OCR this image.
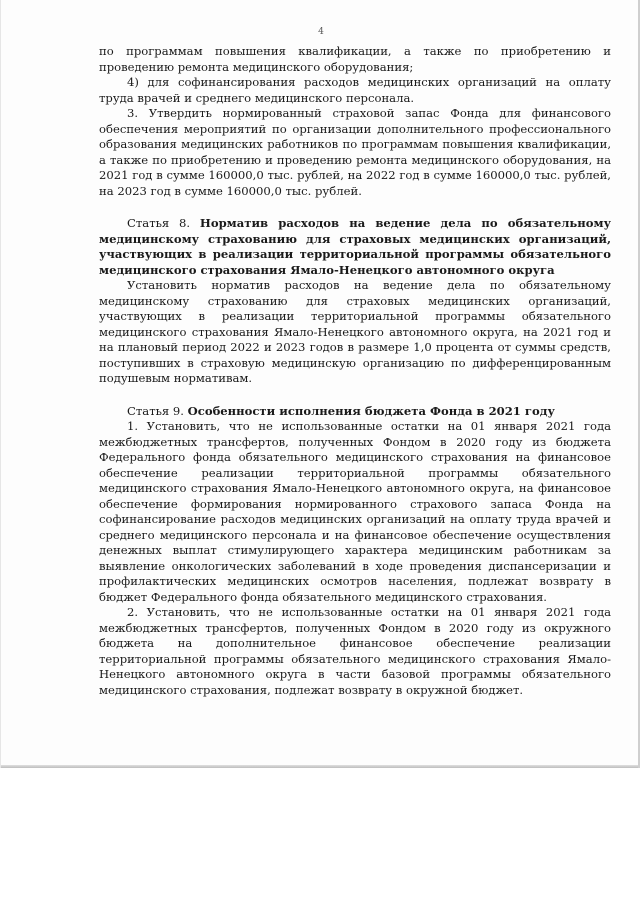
4

по программам повышения квалификации, а также по приобретению и проведению ремонта медицинского оборудования;

4) для софинансирования расходов медицинских организаций на оплату труда врачей и среднего медицинского персонала.

3. Утвердить нормированный страховой запас Фонда для финансового обеспечения мероприятий по организации дополнительного профессионального образования медицинских работников по программам повышения квалификации, а также по приобретению и проведению ремонта медицинского оборудования, на 2021 год в сумме 160000,0 тыс. рублей, на 2022 год в сумме 160000,0 тыс. рублей, на 2023 год в сумме 160000,0 тыс. рублей.

Статья 8. Норматив расходов на ведение дела по обязательному медицинскому страхованию для страховых медицинских организаций, участвующих в реализации территориальной программы обязательного медицинского страхования Ямало-Ненецкого автономного округа

Установить норматив расходов на ведение дела по обязательному медицинскому страхованию для страховых медицинских организаций, участвующих в реализации территориальной программы обязательного медицинского страхования Ямало-Ненецкого автономного округа, на 2021 год и на плановый период 2022 и 2023 годов в размере 1,0 процента от суммы средств, поступивших в страховую медицинскую организацию по дифференцированным подушевым нормативам.

Статья 9. Особенности исполнения бюджета Фонда в 2021 году

1. Установить, что не использованные остатки на 01 января 2021 года межбюджетных трансфертов, полученных Фондом в 2020 году из бюджета Федерального фонда обязательного медицинского страхования на финансовое обеспечение реализации территориальной программы обязательного медицинского страхования Ямало-Ненецкого автономного округа, на финансовое обеспечение формирования нормированного страхового запаса Фонда на софинансирование расходов медицинских организаций на оплату труда врачей и среднего медицинского персонала и на финансовое обеспечение осуществления денежных выплат стимулирующего характера медицинским работникам за выявление онкологических заболеваний в ходе проведения диспансеризации и профилактических медицинских осмотров населения, подлежат возврату в бюджет Федерального фонда обязательного медицинского страхования.

2. Установить, что не использованные остатки на 01 января 2021 года межбюджетных трансфертов, полученных Фондом в 2020 году из окружного бюджета на дополнительное финансовое обеспечение реализации территориальной программы обязательного медицинского страхования Ямало-Ненецкого автономного округа в части базовой программы обязательного медицинского страхования, подлежат возврату в окружной бюджет.
